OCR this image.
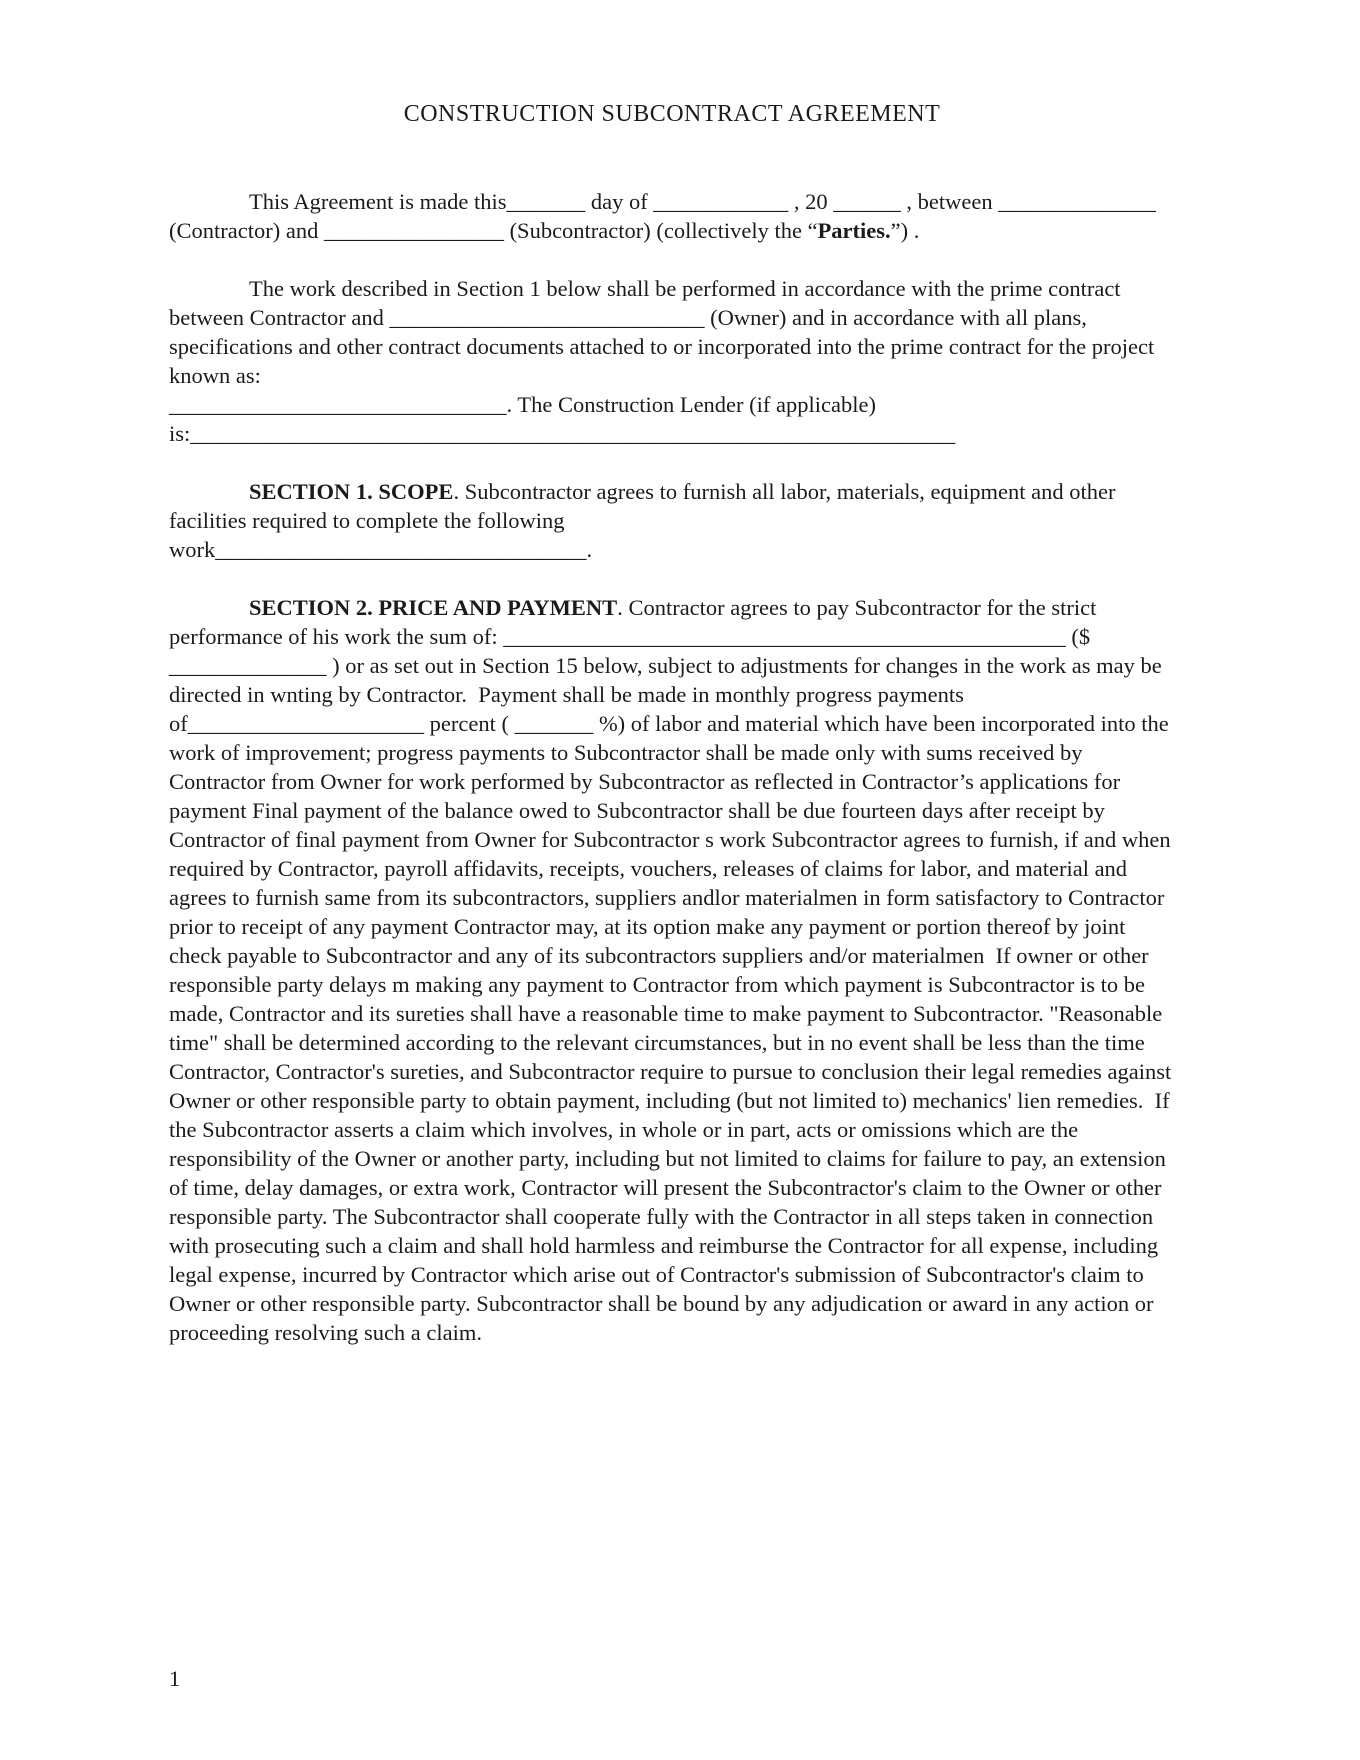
CONSTRUCTION SUBCONTRACT AGREEMENT

This Agreement is made this_______ day of ____________ , 20 ______ , between ______________ (Contractor) and ________________ (Subcontractor) (collectively the “Parties.”) .

The work described in Section 1 below shall be performed in accordance with the prime contract between Contractor and ____________________________ (Owner) and in accordance with all plans, specifications and other contract documents attached to or incorporated into the prime contract for the project known as:
______________________________. The Construction Lender (if applicable) is:____________________________________________________________________

SECTION 1. SCOPE. Subcontractor agrees to furnish all labor, materials, equipment and other facilities required to complete the following
work_________________________________.

SECTION 2. PRICE AND PAYMENT. Contractor agrees to pay Subcontractor for the strict performance of his work the sum of: __________________________________________________ ($ ______________ ) or as set out in Section 15 below, subject to adjustments for changes in the work as may be directed in wnting by Contractor.  Payment shall be made in monthly progress payments of_____________________ percent ( _______ %) of labor and material which have been incorporated into the work of improvement; progress payments to Subcontractor shall be made only with sums received by Contractor from Owner for work performed by Subcontractor as reflected in Contractor’s applications for payment Final payment of the balance owed to Subcontractor shall be due fourteen days after receipt by Contractor of final payment from Owner for Subcontractor s work Subcontractor agrees to furnish, if and when required by Contractor, payroll affidavits, receipts, vouchers, releases of claims for labor, and material and agrees to furnish same from its subcontractors, suppliers andlor materialmen in form satisfactory to Contractor prior to receipt of any payment Contractor may, at its option make any payment or portion thereof by joint check payable to Subcontractor and any of its subcontractors suppliers and/or materialmen  If owner or other responsible party delays m making any payment to Contractor from which payment is Subcontractor is to be made, Contractor and its sureties shall have a reasonable time to make payment to Subcontractor. "Reasonable time" shall be determined according to the relevant circumstances, but in no event shall be less than the time Contractor, Contractor's sureties, and Subcontractor require to pursue to conclusion their legal remedies against Owner or other responsible party to obtain payment, including (but not limited to) mechanics' lien remedies.  If the Subcontractor asserts a claim which involves, in whole or in part, acts or omissions which are the responsibility of the Owner or another party, including but not limited to claims for failure to pay, an extension of time, delay damages, or extra work, Contractor will present the Subcontractor's claim to the Owner or other responsible party. The Subcontractor shall cooperate fully with the Contractor in all steps taken in connection with prosecuting such a claim and shall hold harmless and reimburse the Contractor for all expense, including legal expense, incurred by Contractor which arise out of Contractor's submission of Subcontractor's claim to Owner or other responsible party. Subcontractor shall be bound by any adjudication or award in any action or proceeding resolving such a claim.

1
